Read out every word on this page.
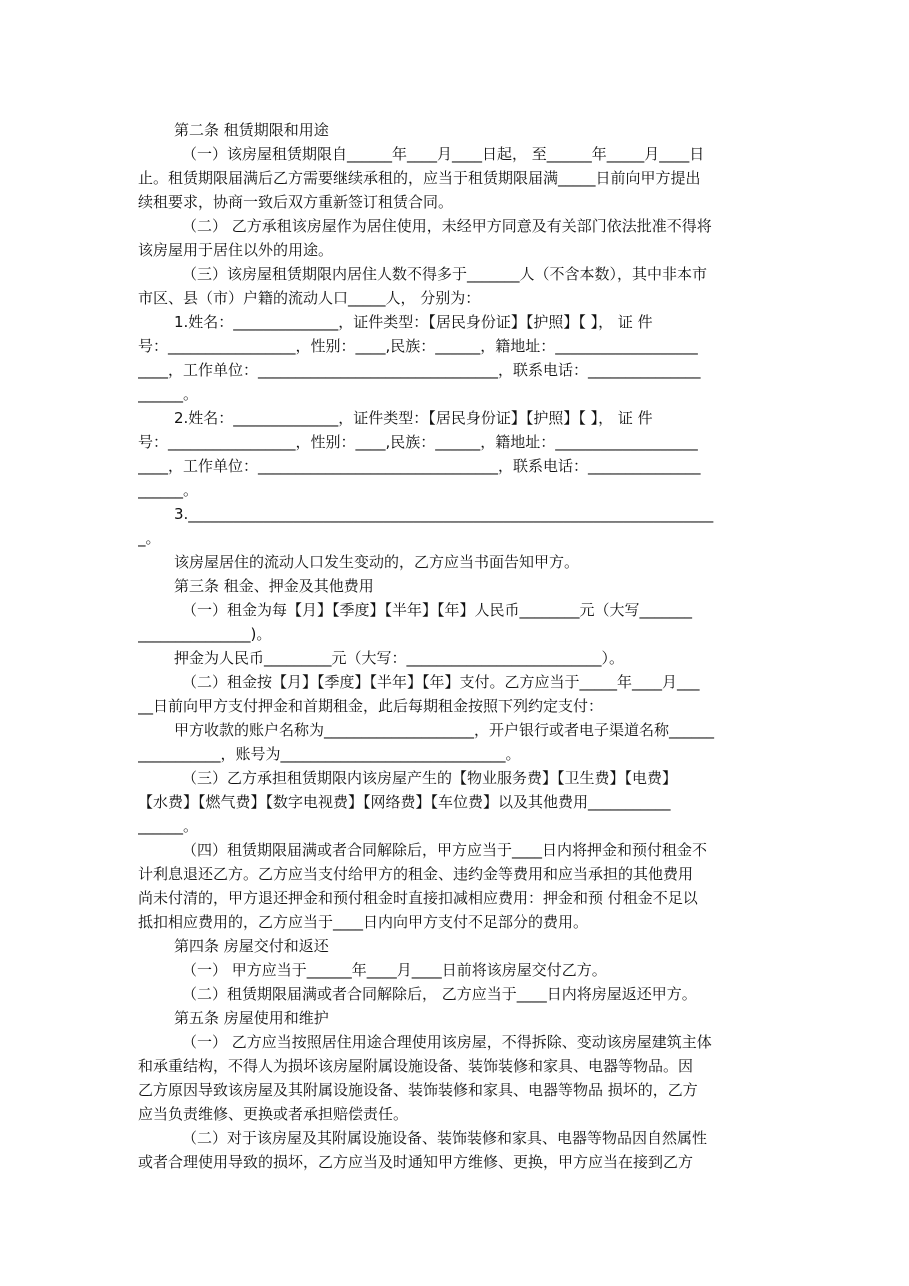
第二条 租赁期限和用途
（一）该房屋租赁期限自______年____月____日起， 至______年_____月____日
止。租赁期限届满后乙方需要继续承租的，应当于租赁期限届满_____日前向甲方提出
续租要求，协商一致后双方重新签订租赁合同。
（二） 乙方承租该房屋作为居住使用，未经甲方同意及有关部门依法批准不得将
该房屋用于居住以外的用途。
（三）该房屋租赁期限内居住人数不得多于_______人（不含本数），其中非本市
市区、县（市）户籍的流动人口_____人， 分别为：
1.姓名：______________，证件类型：【居民身份证】【护照】【 】， 证 件
号：_________________，性别：____,民族：______，籍地址：___________________
____，工作单位：________________________________，联系电话：_______________
______。
2.姓名：______________，证件类型：【居民身份证】【护照】【 】， 证 件
号：_________________，性别：____,民族：______，籍地址：___________________
____，工作单位：________________________________，联系电话：_______________
______。
3.______________________________________________________________________
_。
该房屋居住的流动人口发生变动的，乙方应当书面告知甲方。
第三条 租金、押金及其他费用
（一）租金为每【月】【季度】【半年】【年】人民币________元（大写_______
_______________)。
押金为人民币_________元（大写：__________________________）。
（二）租金按【月】【季度】【半年】【年】支付。乙方应当于_____年____月___
__日前向甲方支付押金和首期租金，此后每期租金按照下列约定支付：
甲方收款的账户名称为____________________，开户银行或者电子渠道名称______
___________，账号为______________________________。
（三）乙方承担租赁期限内该房屋产生的【物业服务费】【卫生费】【电费】
【水费】【燃气费】【数字电视费】【网络费】【车位费】以及其他费用___________
______。
（四）租赁期限届满或者合同解除后，甲方应当于____日内将押金和预付租金不
计利息退还乙方。乙方应当支付给甲方的租金、违约金等费用和应当承担的其他费用
尚未付清的，甲方退还押金和预付租金时直接扣减相应费用：押金和预 付租金不足以
抵扣相应费用的，乙方应当于____日内向甲方支付不足部分的费用。
第四条 房屋交付和返还
（一） 甲方应当于______年____月____日前将该房屋交付乙方。
（二）租赁期限届满或者合同解除后， 乙方应当于____日内将房屋返还甲方。
第五条 房屋使用和维护
（一） 乙方应当按照居住用途合理使用该房屋，不得拆除、变动该房屋建筑主体
和承重结构，不得人为损坏该房屋附属设施设备、装饰装修和家具、电器等物品。因
乙方原因导致该房屋及其附属设施设备、装饰装修和家具、电器等物品 损坏的，乙方
应当负责维修、更换或者承担赔偿责任。
（二）对于该房屋及其附属设施设备、装饰装修和家具、电器等物品因自然属性
或者合理使用导致的损坏，乙方应当及时通知甲方维修、更换，甲方应当在接到乙方
